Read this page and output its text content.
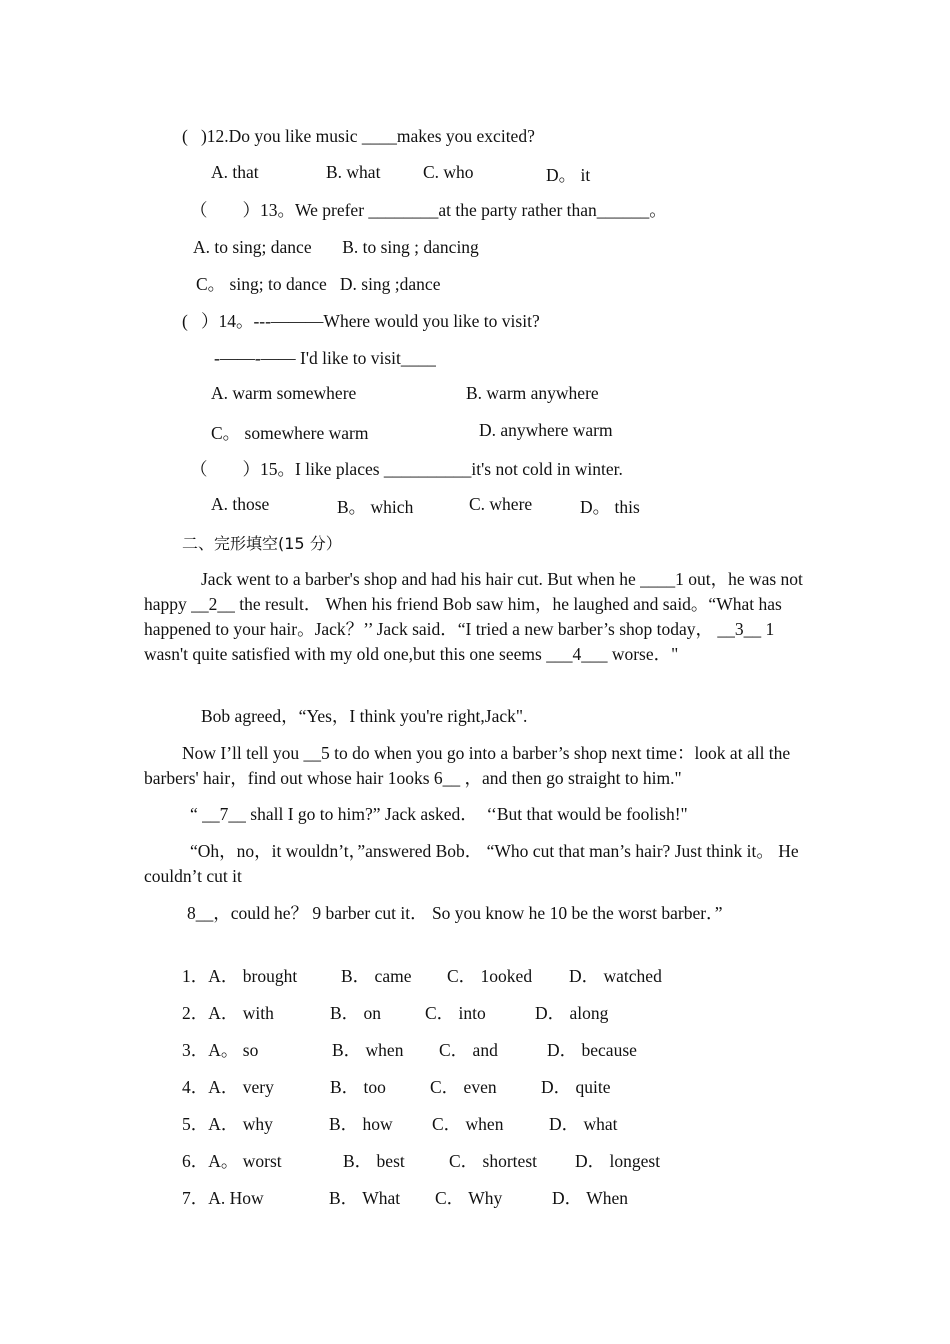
(   )12.Do you like music ____makes you excited?
A. that	B. what C. who	D。 it
（        ）13。We prefer ________at the party rather than______。
A. to sing; dance       B. to sing ; dancing
C。 sing; to dance   D. sing ;dance
(   ）14。---———Where would you like to visit?
-——-—— I'd like to visit____
A. warm somewhere	B. warm anywhere
C。 somewhere warm	D. anywhere warm
（        ）15。I like places __________it's not cold in winter.
A. those	B。 which	C. where	D。 this
二、完形填空(15 分）
Jack went to a barber's shop and had his hair cut. But when he ____1 out，he was not happy __2__ the result． When his friend Bob saw him，he laughed and said。“What has happened to your hair。Jack？’’ Jack said．“I tried a new barber’s shop today， __3__ 1 wasn't quite satisfied with my old one,but this one seems ___4___ worse．"
Bob agreed，“Yes，I think you're right,Jack".
Now I’ll tell you __5 to do when you go into a barber’s shop next time：look at all the barbers' hair，find out whose hair 1ooks 6__ ，and then go straight to him."
“ __7__ shall I go to him?” Jack asked．  ‘‘But that would be foolish!"
“Oh，no，it wouldn’t，”answered Bob． “Who cut that man’s hair? Just think it。 He couldn’t cut it
8__，could he？ 9 barber cut it． So you know he 10 be the worst barber．”
1．A． brought	B． came C． 1ooked D． watched
2．A． with	B． on	C． into	D． along
3．A。 so	B． when C． and	D． because
4．A． very	B． too	C． even	D． quite
5．A． why	B． how C． when	D． what
6．A。 worst	B． best	C． shortest D． longest
7．A. How	B． What C． Why	D． When
